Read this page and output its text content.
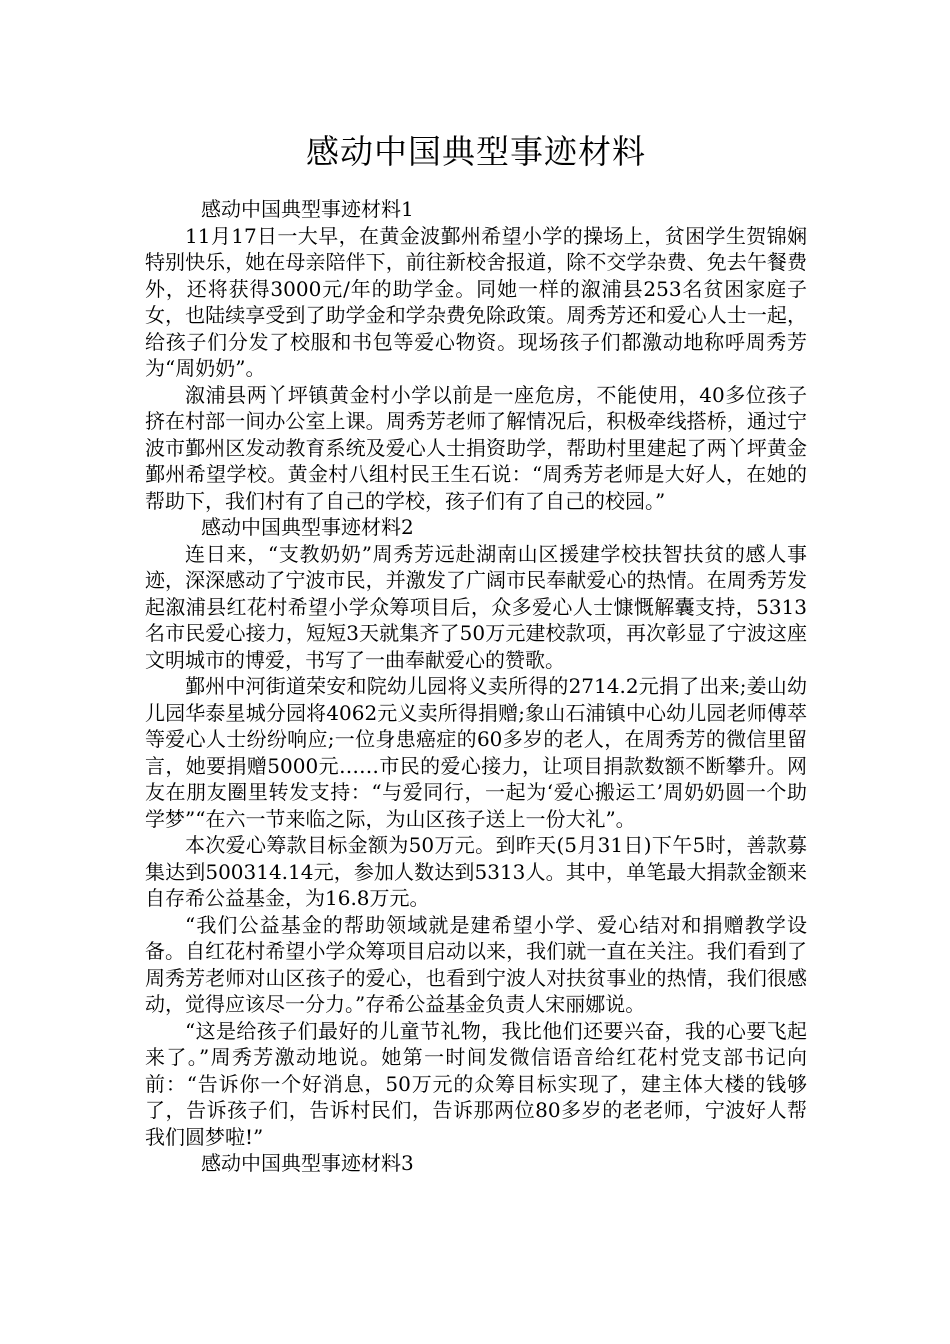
感动中国典型事迹材料

感动中国典型事迹材料1

11月17日一大早，在黄金波鄞州希望小学的操场上，贫困学生贺锦娴特别快乐，她在母亲陪伴下，前往新校舍报道，除不交学杂费、免去午餐费外，还将获得3000元/年的助学金。同她一样的溆浦县253名贫困家庭子女，也陆续享受到了助学金和学杂费免除政策。周秀芳还和爱心人士一起，给孩子们分发了校服和书包等爱心物资。现场孩子们都激动地称呼周秀芳为“周奶奶”。

溆浦县两丫坪镇黄金村小学以前是一座危房，不能使用，40多位孩子挤在村部一间办公室上课。周秀芳老师了解情况后，积极牵线搭桥，通过宁波市鄞州区发动教育系统及爱心人士捐资助学，帮助村里建起了两丫坪黄金鄞州希望学校。黄金村八组村民王生石说：“周秀芳老师是大好人，在她的帮助下，我们村有了自己的学校，孩子们有了自己的校园。”

感动中国典型事迹材料2

连日来，“支教奶奶”周秀芳远赴湖南山区援建学校扶智扶贫的感人事迹，深深感动了宁波市民，并激发了广阔市民奉献爱心的热情。在周秀芳发起溆浦县红花村希望小学众筹项目后，众多爱心人士慷慨解囊支持，5313名市民爱心接力，短短3天就集齐了50万元建校款项，再次彰显了宁波这座文明城市的博爱，书写了一曲奉献爱心的赞歌。

鄞州中河街道荣安和院幼儿园将义卖所得的2714.2元捐了出来;姜山幼儿园华泰星城分园将4062元义卖所得捐赠;象山石浦镇中心幼儿园老师傅萃等爱心人士纷纷响应;一位身患癌症的60多岁的老人，在周秀芳的微信里留言，她要捐赠5000元……市民的爱心接力，让项目捐款数额不断攀升。网友在朋友圈里转发支持：“与爱同行，一起为‘爱心搬运工’周奶奶圆一个助学梦”“在六一节来临之际，为山区孩子送上一份大礼”。

本次爱心筹款目标金额为50万元。到昨天(5月31日)下午5时，善款募集达到500314.14元，参加人数达到5313人。其中，单笔最大捐款金额来自存希公益基金，为16.8万元。

“我们公益基金的帮助领域就是建希望小学、爱心结对和捐赠教学设备。自红花村希望小学众筹项目启动以来，我们就一直在关注。我们看到了周秀芳老师对山区孩子的爱心，也看到宁波人对扶贫事业的热情，我们很感动，觉得应该尽一分力。”存希公益基金负责人宋丽娜说。

“这是给孩子们最好的儿童节礼物，我比他们还要兴奋，我的心要飞起来了。”周秀芳激动地说。她第一时间发微信语音给红花村党支部书记向前：“告诉你一个好消息，50万元的众筹目标实现了，建主体大楼的钱够了，告诉孩子们，告诉村民们，告诉那两位80多岁的老老师，宁波好人帮我们圆梦啦!”

感动中国典型事迹材料3
